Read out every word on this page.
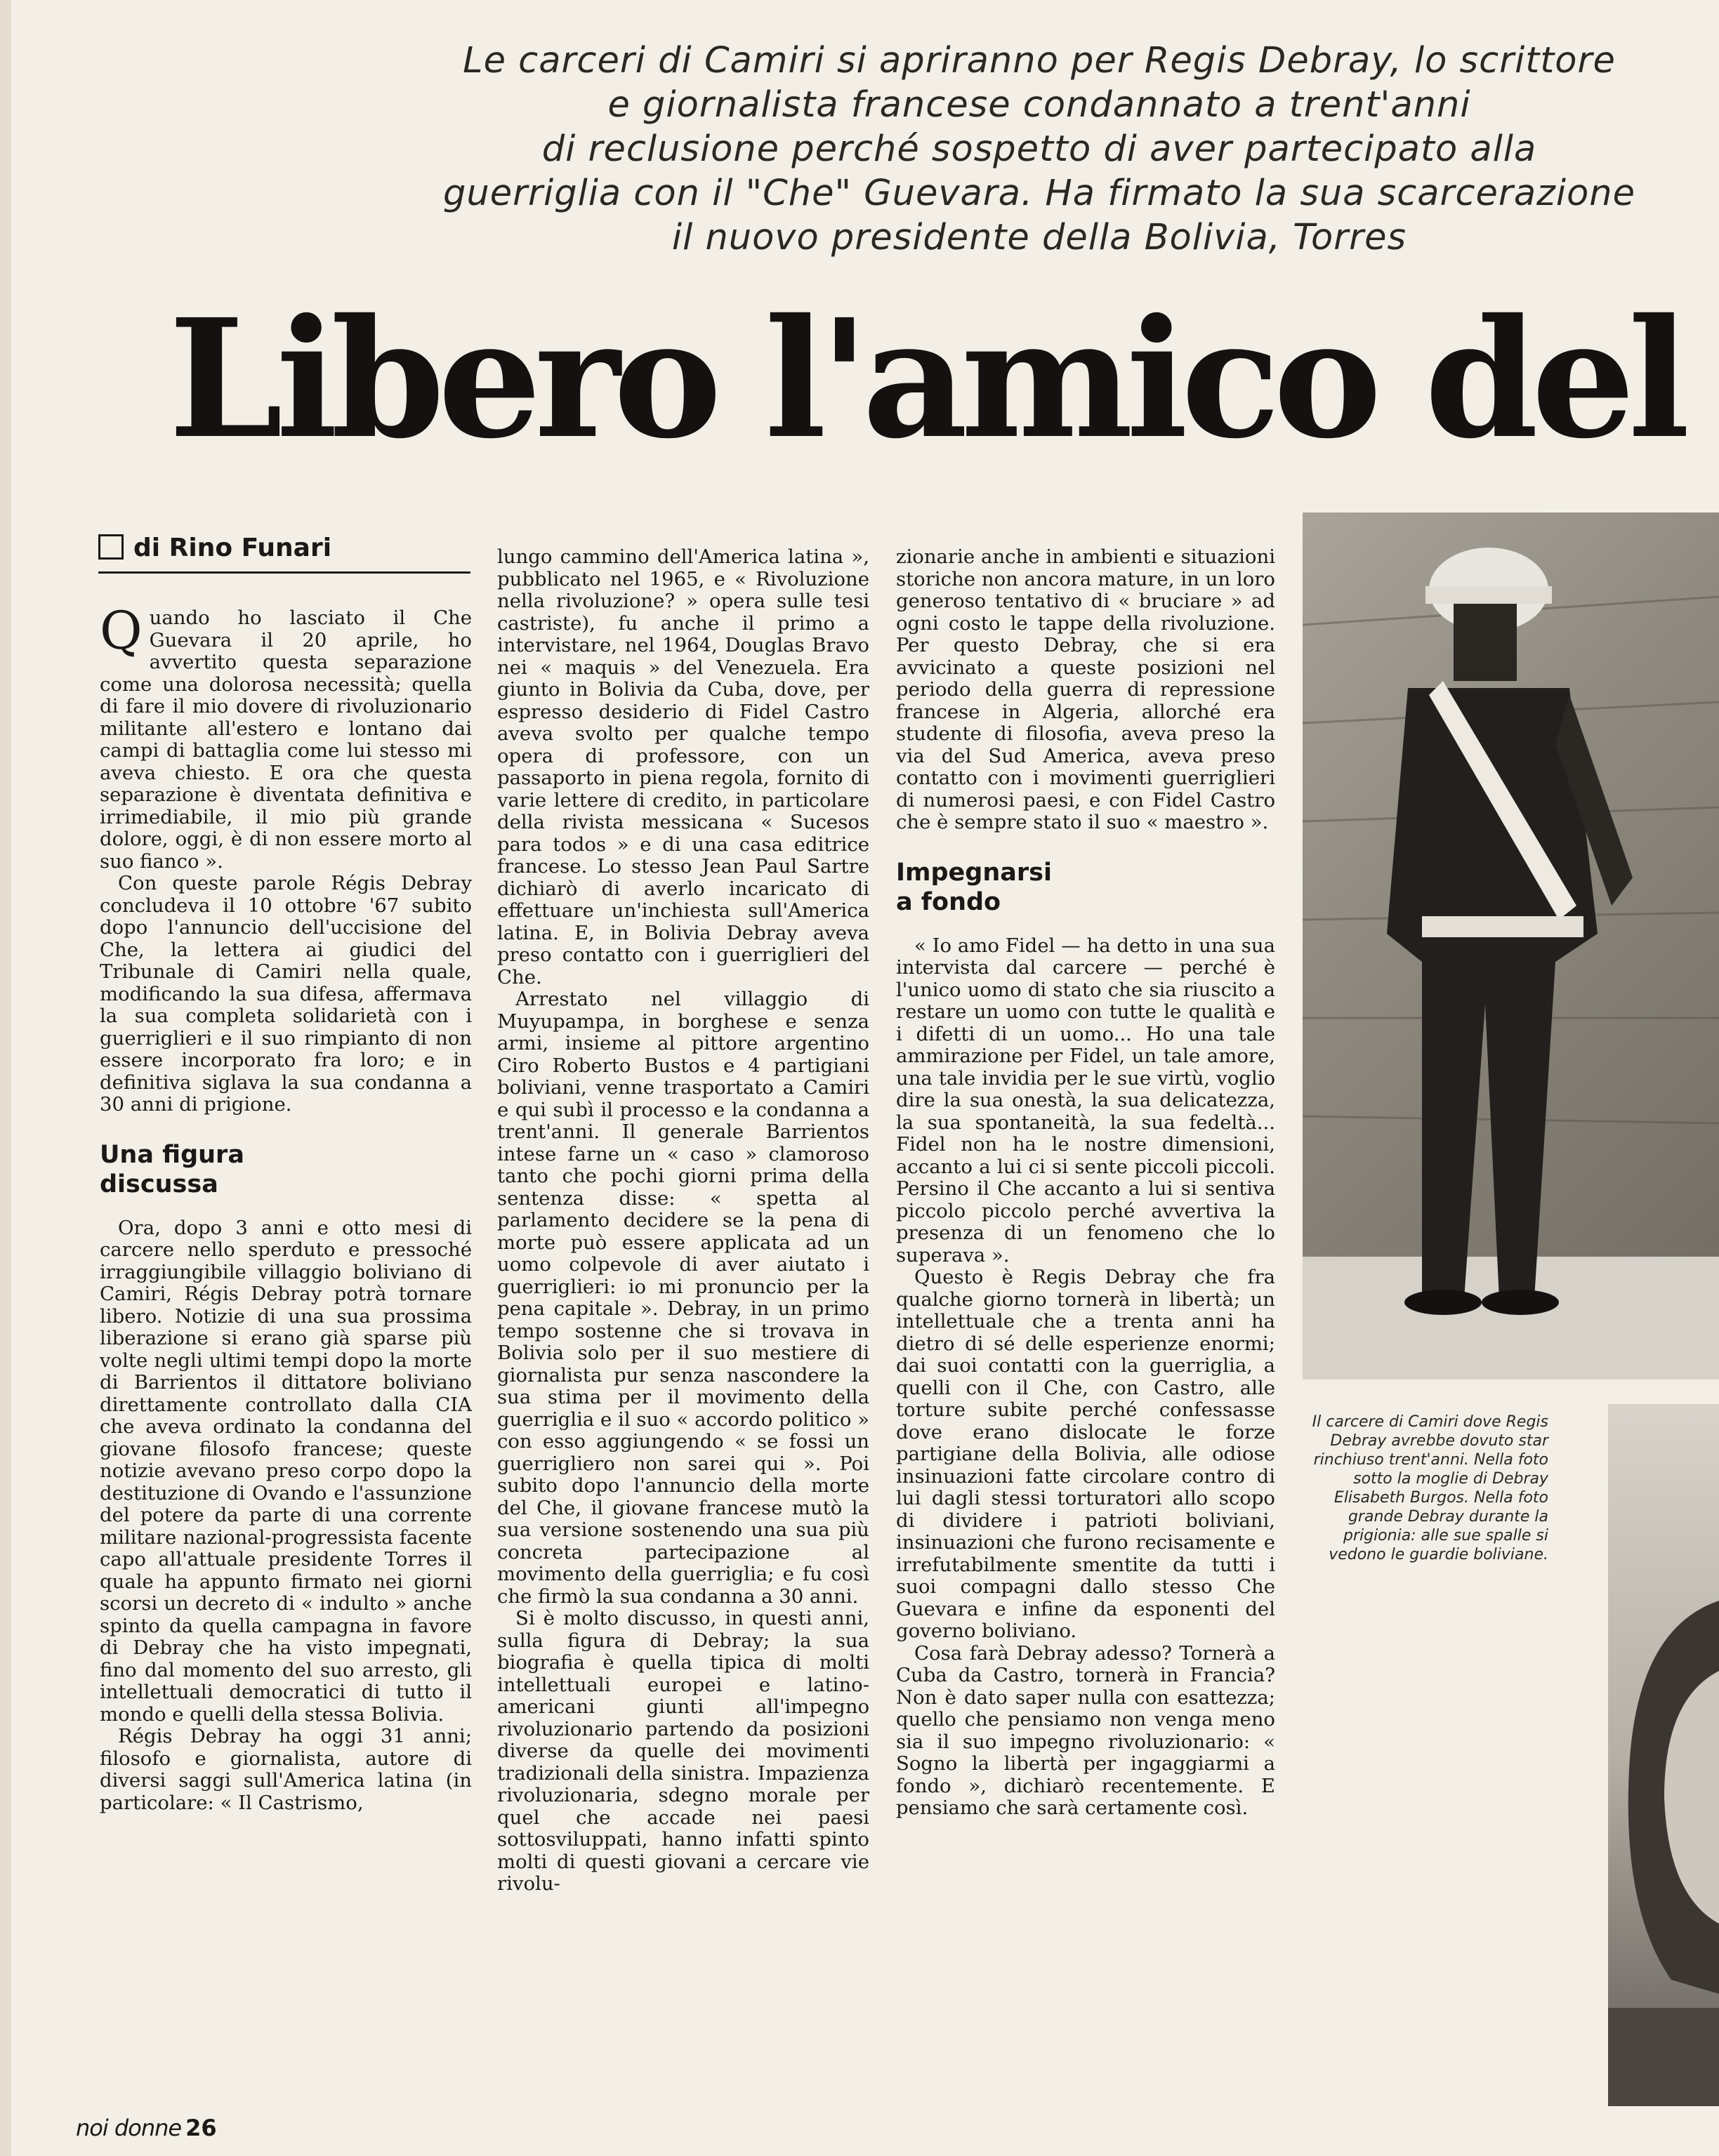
Le carceri di Camiri si apriranno per Regis Debray, lo scrittore
e giornalista francese condannato a trent'anni
di reclusione perché sospetto di aver partecipato alla
guerriglia con il "Che" Guevara. Ha firmato la sua scarcerazione
il nuovo presidente della Bolivia, Torres
Libero l'amico del
di Rino Funari

Quando ho lasciato il Che Guevara il 20 aprile, ho avvertito questa separazione come una dolorosa necessità; quella di fare il mio dovere di rivoluzionario militante all'estero e lontano dai campi di battaglia come lui stesso mi aveva chiesto. E ora che questa separazione è diventata definitiva e irrimediabile, il mio più grande dolore, oggi, è di non essere morto al suo fianco ».

Con queste parole Régis Debray concludeva il 10 ottobre '67 subito dopo l'annuncio dell'uccisione del Che, la lettera ai giudici del Tribunale di Camiri nella quale, modificando la sua difesa, affermava la sua completa solidarietà con i guerriglieri e il suo rimpianto di non essere incorporato fra loro; e in definitiva siglava la sua condanna a 30 anni di prigione.

Una figura
discussa

Ora, dopo 3 anni e otto mesi di carcere nello sperduto e pressoché irraggiungibile villaggio boliviano di Camiri, Régis Debray potrà tornare libero. Notizie di una sua prossima liberazione si erano già sparse più volte negli ultimi tempi dopo la morte di Barrientos il dittatore boliviano direttamente controllato dalla CIA che aveva ordinato la condanna del giovane filosofo francese; queste notizie avevano preso corpo dopo la destituzione di Ovando e l'assunzione del potere da parte di una corrente militare nazional-progressista facente capo all'attuale presidente Torres il quale ha appunto firmato nei giorni scorsi un decreto di « indulto » anche spinto da quella campagna in favore di Debray che ha visto impegnati, fino dal momento del suo arresto, gli intellettuali democratici di tutto il mondo e quelli della stessa Bolivia.

Régis Debray ha oggi 31 anni; filosofo e giornalista, autore di diversi saggi sull'America latina (in particolare: « Il Castrismo,

lungo cammino dell'America latina », pubblicato nel 1965, e « Rivoluzione nella rivoluzione? » opera sulle tesi castriste), fu anche il primo a intervistare, nel 1964, Douglas Bravo nei « maquis » del Venezuela. Era giunto in Bolivia da Cuba, dove, per espresso desiderio di Fidel Castro aveva svolto per qualche tempo opera di professore, con un passaporto in piena regola, fornito di varie lettere di credito, in particolare della rivista messicana « Sucesos para todos » e di una casa editrice francese. Lo stesso Jean Paul Sartre dichiarò di averlo incaricato di effettuare un'inchiesta sull'America latina. E, in Bolivia Debray aveva preso contatto con i guerriglieri del Che.

Arrestato nel villaggio di Muyupampa, in borghese e senza armi, insieme al pittore argentino Ciro Roberto Bustos e 4 partigiani boliviani, venne trasportato a Camiri e qui subì il processo e la condanna a trent'anni. Il generale Barrientos intese farne un « caso » clamoroso tanto che pochi giorni prima della sentenza disse: « spetta al parlamento decidere se la pena di morte può essere applicata ad un uomo colpevole di aver aiutato i guerriglieri: io mi pronuncio per la pena capitale ». Debray, in un primo tempo sostenne che si trovava in Bolivia solo per il suo mestiere di giornalista pur senza nascondere la sua stima per il movimento della guerriglia e il suo « accordo politico » con esso aggiungendo « se fossi un guerrigliero non sarei qui ». Poi subito dopo l'annuncio della morte del Che, il giovane francese mutò la sua versione sostenendo una sua più concreta partecipazione al movimento della guerriglia; e fu così che firmò la sua condanna a 30 anni.

Si è molto discusso, in questi anni, sulla figura di Debray; la sua biografia è quella tipica di molti intellettuali europei e latino-americani giunti all'impegno rivoluzionario partendo da posizioni diverse da quelle dei movimenti tradizionali della sinistra. Impazienza rivoluzionaria, sdegno morale per quel che accade nei paesi sottosviluppati, hanno infatti spinto molti di questi giovani a cercare vie rivolu-

zionarie anche in ambienti e situazioni storiche non ancora mature, in un loro generoso tentativo di « bruciare » ad ogni costo le tappe della rivoluzione. Per questo Debray, che si era avvicinato a queste posizioni nel periodo della guerra di repressione francese in Algeria, allorché era studente di filosofia, aveva preso la via del Sud America, aveva preso contatto con i movimenti guerriglieri di numerosi paesi, e con Fidel Castro che è sempre stato il suo « maestro ».

Impegnarsi
a fondo

« Io amo Fidel — ha detto in una sua intervista dal carcere — perché è l'unico uomo di stato che sia riuscito a restare un uomo con tutte le qualità e i difetti di un uomo... Ho una tale ammirazione per Fidel, un tale amore, una tale invidia per le sue virtù, voglio dire la sua onestà, la sua delicatezza, la sua spontaneità, la sua fedeltà... Fidel non ha le nostre dimensioni, accanto a lui ci si sente piccoli piccoli. Persino il Che accanto a lui si sentiva piccolo piccolo perché avvertiva la presenza di un fenomeno che lo superava ».

Questo è Regis Debray che fra qualche giorno tornerà in libertà; un intellettuale che a trenta anni ha dietro di sé delle esperienze enormi; dai suoi contatti con la guerriglia, a quelli con il Che, con Castro, alle torture subite perché confessasse dove erano dislocate le forze partigiane della Bolivia, alle odiose insinuazioni fatte circolare contro di lui dagli stessi torturatori allo scopo di dividere i patrioti boliviani, insinuazioni che furono recisamente e irrefutabilmente smentite da tutti i suoi compagni dallo stesso Che Guevara e infine da esponenti del governo boliviano.

Cosa farà Debray adesso? Tornerà a Cuba da Castro, tornerà in Francia? Non è dato saper nulla con esattezza; quello che pensiamo non venga meno sia il suo impegno rivoluzionario: « Sogno la libertà per ingaggiarmi a fondo », dichiarò recentemente. E pensiamo che sarà certamente così.

Il carcere di Camiri dove Regis Debray avrebbe dovuto star rinchiuso trent'anni. Nella foto sotto la moglie di Debray Elisabeth Burgos. Nella foto grande Debray durante la prigionia: alle sue spalle si vedono le guardie boliviane.
noi donne 26
